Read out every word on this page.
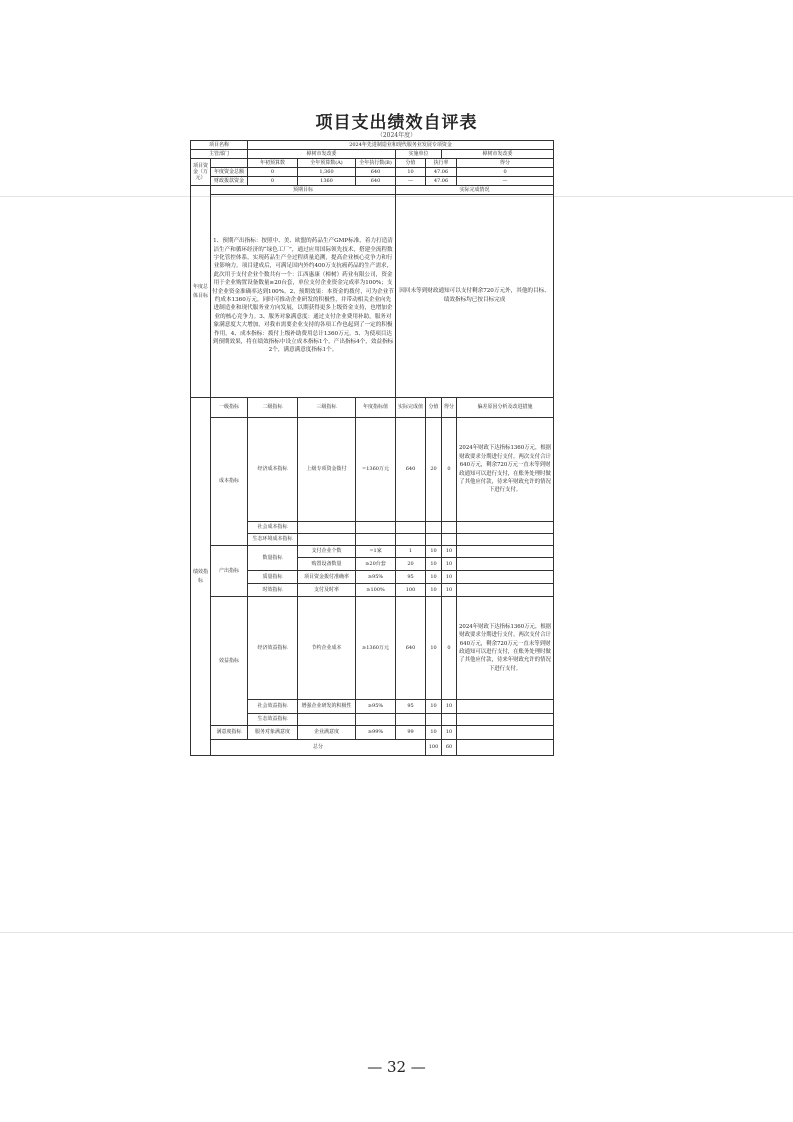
项目支出绩效自评表
（2024年度）
项目名称		2024年先进制造业和现代服务业发展专项资金						
主管部门		樟树市发改委			实施单位		樟树市发改委	
项目资金（万元）		年初预算数	全年预算数(A)	全年执行数(B)	分值	执行率		得分
	年度资金总额	0	1,360	640	10	47.06		0
	财政拨款资金	0	1360	640	—	47.06		—
年度总体目标	预期目标				实际完成情况			
	1、预期产出指标：按照中、美、欧盟的药品生产GMP标准，着力打造清洁生产和循环经济的“绿色工厂”，通过应用国际领先技术，搭建全流程数字化管控体系，实现药品生产全过程质量追溯，提高企业核心竞争力和行业影响力。项目建成后，可满足国内外约400万支抗癌药品的生产需求，此次用于支付企业个数共有一个：江西惠康（樟树）药业有限公司，资金用于企业购置设备数量≥20台套，单位支付企业资金完成率为100%；支付企业资金准确率达到100%。2、预期效果：本资金的拨付，可为企业节约成本1360万元，同时可推动企业研发的积极性，并带动相关企业向先进制造业和现代服务业方向发展，以期获得更多上级资金支持，也增加企业的核心竞争力。3、服务对象满意度：通过支付企业费用补助，服务对象满意度大大增加，对我市需要企业支持的各项工作也起到了一定的积极作用。4、成本指标：拨付上级补助费用总计1360万元。5、为使项目达到预期效果，将在绩效指标中设立成本指标1个，产出指标4个，效益指标2个，满意满意度指标1个。				因回未等到财政通知可以支付剩余720万元外，其他的目标、绩效指标均已按目标完成			
绩效指标	一级指标	二级指标	三级指标	年度指标值	实际完成值	分值	得分	偏差原因分析及改进措施
	成本指标	经济成本指标	上级专项资金拨付	=1360万元	640	20	0	2024年财政下达指标1360万元，根据财政要求分期进行支付，两次支付合计640万元，剩余720万元一直未等到财政通知可以进行支付，在账务处理时做了其他应付款，待来年财政允许的情况下进行支付。
		社会成本指标						
		生态环境成本指标						
	产出指标	数量指标	支付企业个数	=1家	1	10	10	
			购置设备数量	≥20台套	20	10	10	
		质量指标	项目资金拨付准确率	≥95%	95	10	10	
		时效指标	支付及时率	≥100%	100	10	10	
	效益指标	经济效益指标	节约企业成本	≥1360万元	640	10	0	2024年财政下达指标1360万元，根据财政要求分期进行支付，两次支付合计640万元，剩余720万元一直未等到财政通知可以进行支付，在账务处理时做了其他应付款，待来年财政允许的情况下进行支付。
		社会效益指标	增强企业研发的积极性	≥95%	95	10	10	
		生态效益指标						
	满意度指标	服务对象满意度	企业满意度	≥99%	99	10	10	
	总分					100	60	
— 32 —
